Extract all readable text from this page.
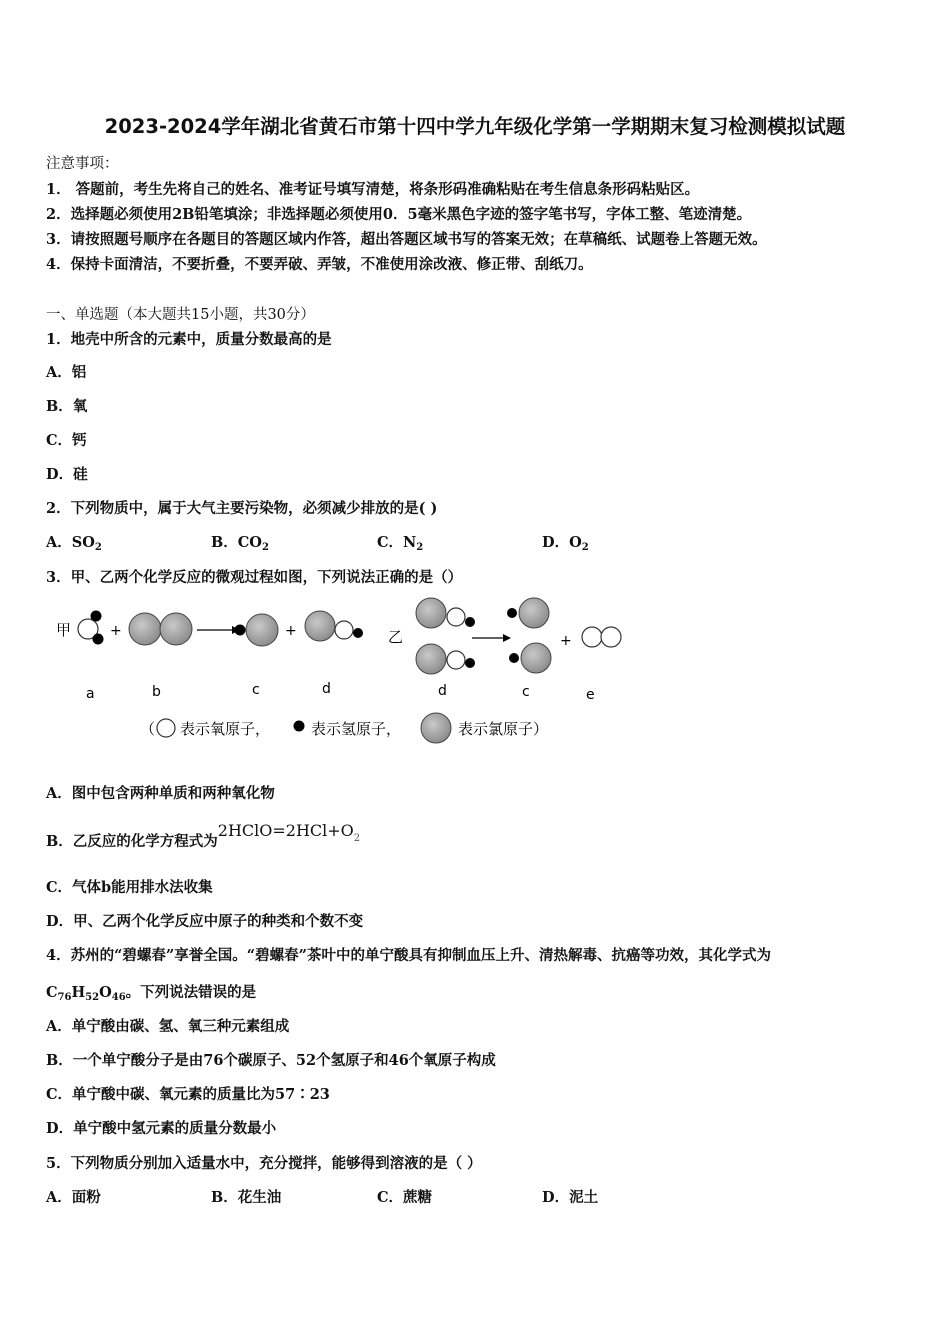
2023-2024学年湖北省黄石市第十四中学九年级化学第一学期期末复习检测模拟试题
注意事项：
1． 答题前，考生先将自己的姓名、准考证号填写清楚，将条形码准确粘贴在考生信息条形码粘贴区。
2．选择题必须使用2B铅笔填涂；非选择题必须使用0．5毫米黑色字迹的签字笔书写，字体工整、笔迹清楚。
3．请按照题号顺序在各题目的答题区域内作答，超出答题区域书写的答案无效；在草稿纸、试题卷上答题无效。
4．保持卡面清洁，不要折叠，不要弄破、弄皱，不准使用涂改液、修正带、刮纸刀。
一、单选题（本大题共15小题，共30分）
1．地壳中所含的元素中，质量分数最高的是
A．铝
B．氧
C．钙
D．硅
2．下列物质中，属于大气主要污染物，必须减少排放的是( )
A．$SO_2$	B．$CO_2$	C．$N_2$	D．$O_2$
3．甲、乙两个化学反应的微观过程如图，下列说法正确的是（）
甲	+	+	乙	+
a	b	c	d	d	c	e
（ 表示氧原子，	表示氢原子，	表示氯原子）
A．图中包含两种单质和两种氧化物
B．乙反应的化学方程式为$2HClO=2HCl+O_2$
C．气体b能用排水法收集
D．甲、乙两个化学反应中原子的种类和个数不变
4．苏州的“碧螺春”享誉全国。“碧螺春”茶叶中的单宁酸具有抑制血压上升、清热解毒、抗癌等功效，其化学式为
$C_{76}H_{52}O_{46}$。下列说法错误的是
A．单宁酸由碳、氢、氧三种元素组成
B．一个单宁酸分子是由76个碳原子、52个氢原子和46个氧原子构成
C．单宁酸中碳、氧元素的质量比为57∶23
D．单宁酸中氢元素的质量分数最小
5．下列物质分别加入适量水中，充分搅拌，能够得到溶液的是（ ）
A．面粉	B．花生油	C．蔗糖	D．泥土
